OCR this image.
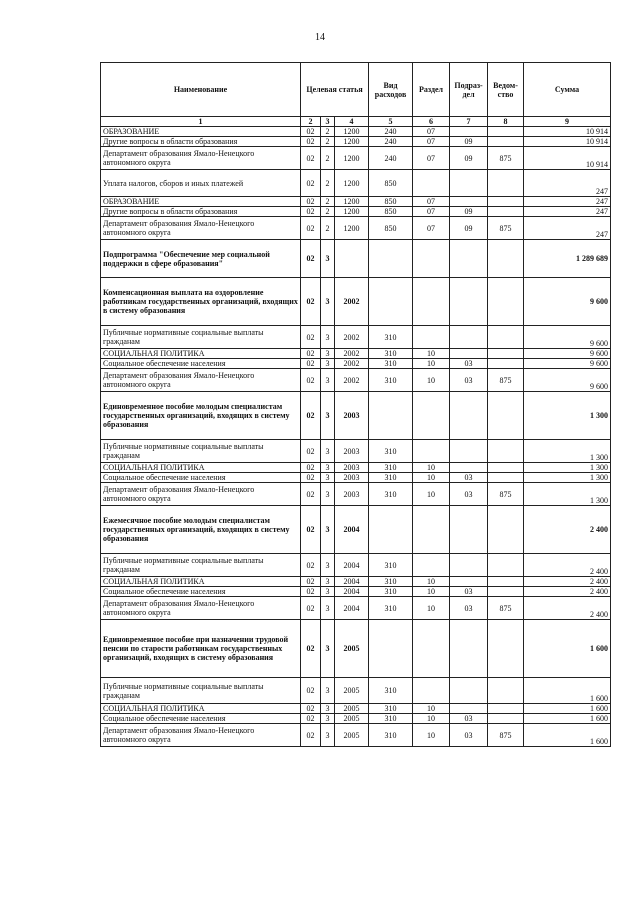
14
Наименование	Целевая статья			Вид расходов	Раздел	Подраз-дел	Ведом-ство	Сумма
1	2	3	4	5	6	7	8	9
ОБРАЗОВАНИЕ	02	2	1200	240	07			10 914
Другие вопросы в области образования	02	2	1200	240	07	09		10 914
Департамент образования Ямало-Ненецкого автономного округа	02	2	1200	240	07	09	875	10 914
Уплата налогов, сборов и иных платежей	02	2	1200	850				247
ОБРАЗОВАНИЕ	02	2	1200	850	07			247
Другие вопросы в области образования	02	2	1200	850	07	09		247
Департамент образования Ямало-Ненецкого автономного округа	02	2	1200	850	07	09	875	247
Подпрограмма "Обеспечение мер социальной поддержки в сфере образования"	02	3						1 289 689
Компенсационная выплата на оздоровление работникам государственных организаций, входящих в систему образования	02	3	2002					9 600
Публичные нормативные социальные выплаты гражданам	02	3	2002	310				9 600
СОЦИАЛЬНАЯ ПОЛИТИКА	02	3	2002	310	10			9 600
Социальное обеспечение населения	02	3	2002	310	10	03		9 600
Департамент образования Ямало-Ненецкого автономного округа	02	3	2002	310	10	03	875	9 600
Единовременное пособие молодым специалистам государственных организаций, входящих в систему образования	02	3	2003					1 300
Публичные нормативные социальные выплаты гражданам	02	3	2003	310				1 300
СОЦИАЛЬНАЯ ПОЛИТИКА	02	3	2003	310	10			1 300
Социальное обеспечение населения	02	3	2003	310	10	03		1 300
Департамент образования Ямало-Ненецкого автономного округа	02	3	2003	310	10	03	875	1 300
Ежемесячное пособие молодым специалистам государственных организаций, входящих в систему образования	02	3	2004					2 400
Публичные нормативные социальные выплаты гражданам	02	3	2004	310				2 400
СОЦИАЛЬНАЯ ПОЛИТИКА	02	3	2004	310	10			2 400
Социальное обеспечение населения	02	3	2004	310	10	03		2 400
Департамент образования Ямало-Ненецкого автономного округа	02	3	2004	310	10	03	875	2 400
Единовременное пособие при назначении трудовой пенсии по старости работникам государственных организаций, входящих в систему образования	02	3	2005					1 600
Публичные нормативные социальные выплаты гражданам	02	3	2005	310				1 600
СОЦИАЛЬНАЯ ПОЛИТИКА	02	3	2005	310	10			1 600
Социальное обеспечение населения	02	3	2005	310	10	03		1 600
Департамент образования Ямало-Ненецкого автономного округа	02	3	2005	310	10	03	875	1 600
